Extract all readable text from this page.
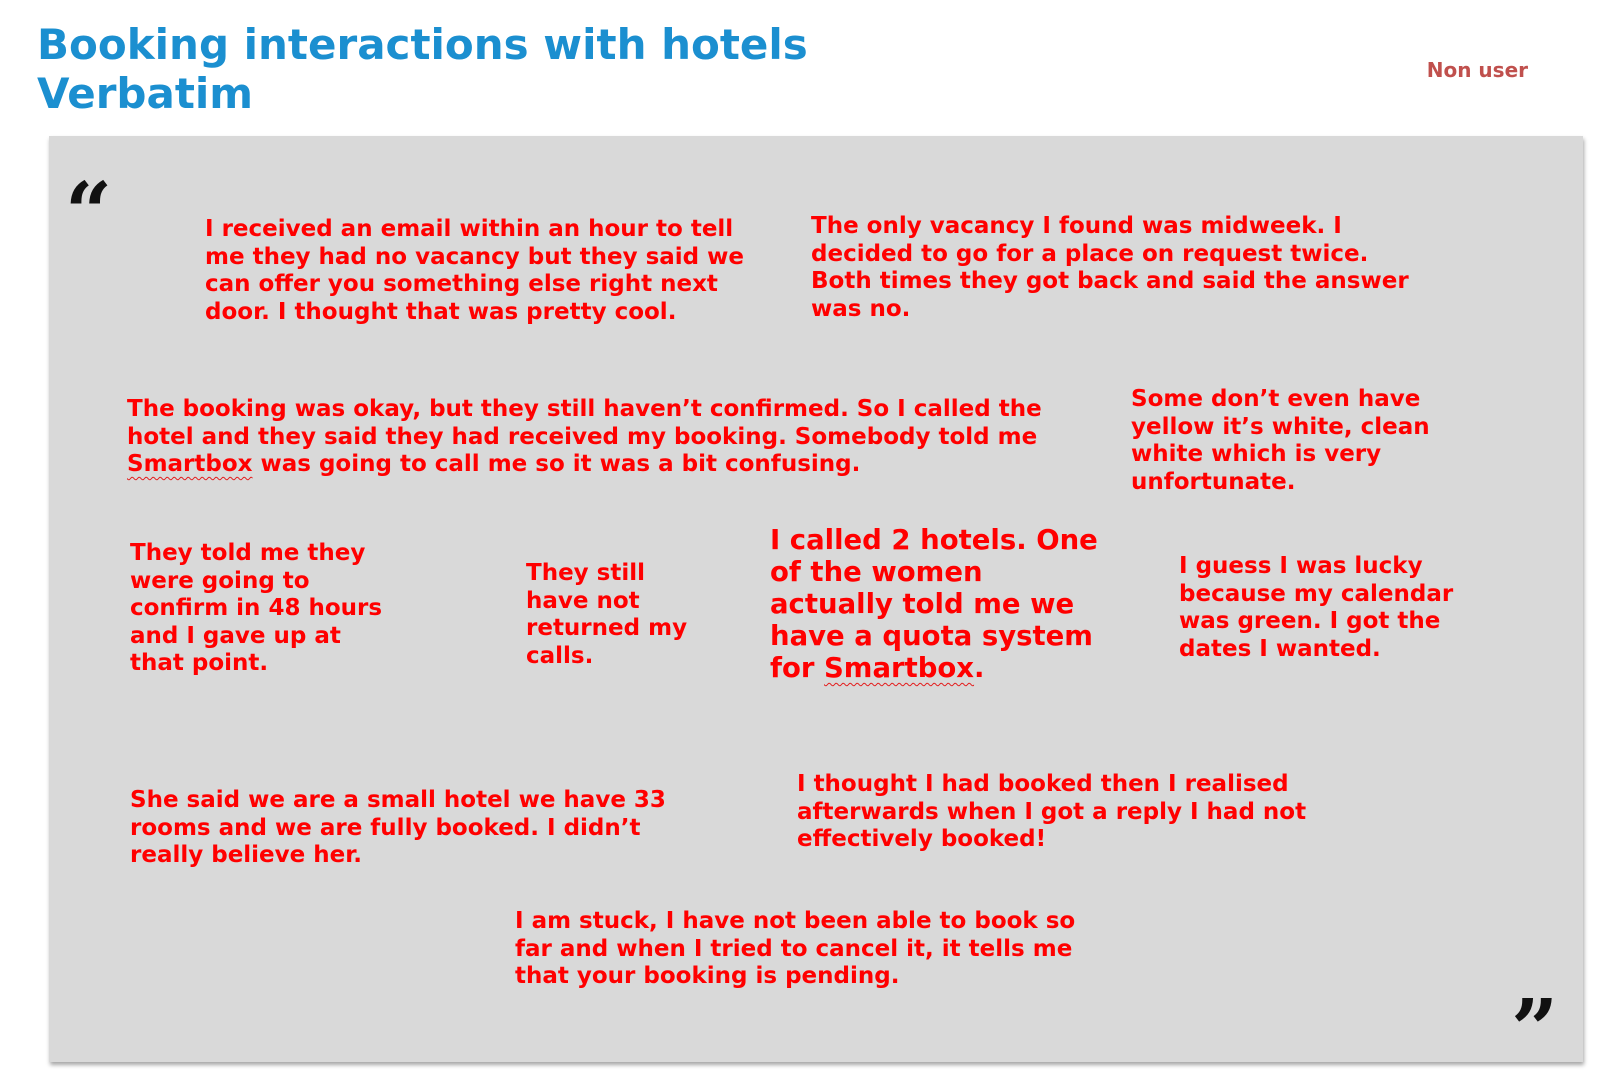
Booking interactions with hotels
Verbatim	Non user
“	I received an email within an hour to tell me they had no vacancy but they said we can offer you something else right next door. I thought that was pretty cool.

The only vacancy I found was midweek. I decided to go for a place on request twice. Both times they got back and said the answer was no.

The booking was okay, but they still haven’t confirmed. So I called the hotel and they said they had received my booking. Somebody told me Smartbox was going to call me so it was a bit confusing.

Some don’t even have yellow it’s white, clean white which is very unfortunate.

They told me they were going to confirm in 48 hours and I gave up at that point.

They still have not returned my calls.

I called 2 hotels. One of the women actually told me we have a quota system for Smartbox.

I guess I was lucky because my calendar was green. I got the dates I wanted.

She said we are a small hotel we have 33 rooms and we are fully booked. I didn’t really believe her.

I thought I had booked then I realised afterwards when I got a reply I had not effectively booked!

I am stuck, I have not been able to book so far and when I tried to cancel it, it tells me that your booking is pending.

”
